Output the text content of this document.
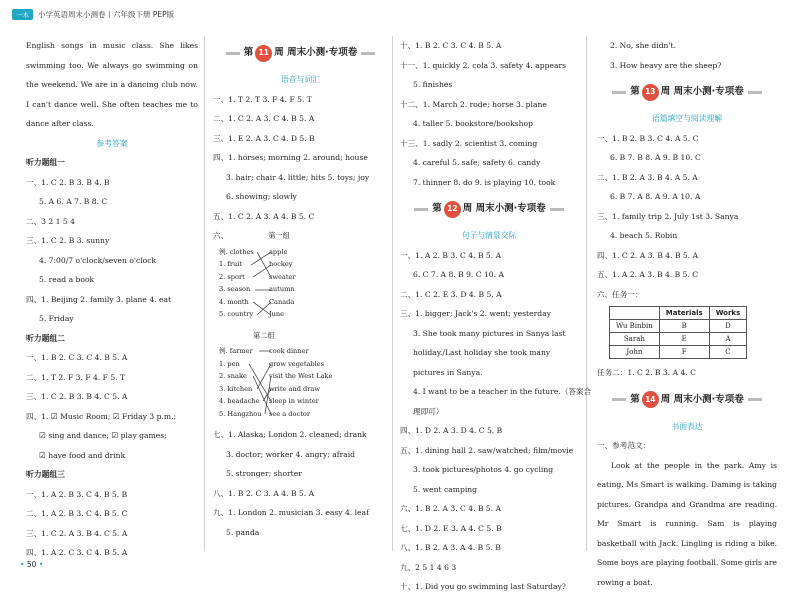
一本	小学英语周末小测卷丨六年级下册 PEP版
English songs in music class. She likes swimming too. We always go swimming on the weekend. We are in a dancing club now. I can't dance well. She often teaches me to dance after class.
参考答案
听力题组一
一、1. C 2. B 3. B 4. B
5. A 6. A 7. B 8. C
二、3 2 1 5 4
三、1. C 2. B 3. sunny
4. 7:00/7 o'clock/seven o'clock
5. read a book
四、1. Beijing 2. family 3. plane 4. eat
5. Friday
听力题组二
一、1. B 2. C 3. C 4. B 5. A
二、1. T 2. F 3. F 4. F 5. T
三、1. C 2. B 3. B 4. C 5. A
四、1. ☑ Music Room; ☑ Friday 3 p.m.;
☑ sing and dance; ☑ play games;
☑ have food and drink
听力题组三
一、1. A 2. B 3. C 4. B 5. B
二、1. A 2. B 3. C 4. B 5. C
三、1. C 2. A 3. B 4. C 5. A
四、1. A 2. C 3. C 4. B 5. A
第 11 周 周末小测·专项卷
语音与词汇
一、1. T 2. T 3. F 4. F 5. T
二、1. C 2. A 3. C 4. B 5. A
三、1. E 2. A 3. C 4. D 5. B
四、1. horses; morning 2. around; house
3. hair; chair 4. little; hits 5. toys; joy
6. showing; slowly
五、1. C 2. A 3. A 4. B 5. C
六、	第一组
例. clothes
1. fruit
2. sport
3. season
4. month
5. country
apple
hockey
sweater
autumn
Canada
June
第二组
例. farmer
1. pen
2. snake
3. kitchen
4. headache
5. Hangzhou
cook dinner
grow vegetables
visit the West Lake
write and draw
sleep in winter
see a doctor
七、1. Alaska; London 2. cleaned; drank
3. doctor; worker 4. angry; afraid
5. stronger; shorter
八、1. B 2. C 3. A 4. B 5. A
九、1. London 2. musician 3. easy 4. leaf
5. panda
十、1. B 2. C 3. C 4. B 5. A
十一、1. quickly 2. cola 3. safety 4. appears
5. finishes
十二、1. March 2. rode; horse 3. plane
4. taller 5. bookstore/bookshop
十三、1. sadly 2. scientist 3. coming
4. careful 5. safe; safety 6. candy
7. thinner 8. do 9. is playing 10. took
第 12 周 周末小测·专项卷
句子与情景交际
一、1. A 2. B 3. C 4. B 5. A
6. C 7. A 8. B 9. C 10. A
二、1. C 2. E 3. D 4. B 5. A
三、1. bigger; Jack's 2. went; yesterday
3. She took many pictures in Sanya last
holiday./Last holiday she took many
pictures in Sanya.
4. I want to be a teacher in the future.（答案合
理即可）
四、1. D 2. A 3. D 4. C 5. B
五、1. dining hall 2. saw/watched; film/movie
3. took pictures/photos 4. go cycling
5. went camping
六、1. B 2. A 3. C 4. B 5. A
七、1. D 2. E 3. A 4. C 5. B
八、1. B 2. A 3. A 4. B 5. B
九、2 5 1 4 6 3
十、1. Did you go swimming last Saturday?
2. No, she didn't.
3. How heavy are the sheep?
第 13 周 周末小测·专项卷
语篇填空与阅读理解
一、1. B 2. B 3. C 4. A 5. C
6. B 7. B 8. A 9. B 10. C
二、1. B 2. A 3. B 4. A 5. A
6. B 7. A 8. A 9. A 10. A
三、1. family trip 2. July 1st 3. Sanya
4. beach 5. Robin
四、1. C 2. A 3. B 4. B 5. A
五、1. A 2. A 3. B 4. B 5. C
六、任务一：
	Materials	Works
Wu Binbin	B	D
Sarah	E	A
John	F	C
任务二：1. C 2. B 3. A 4. C
第 14 周 周末小测·专项卷
书面表达
一、参考范文：
Look at the people in the park. Amy is eating. Ms Smart is walking. Daming is taking pictures. Grandpa and Grandma are reading. Mr Smart is running. Sam is playing basketball with Jack. Lingling is riding a bike. Some boys are playing football. Some girls are rowing a boat.
• 50 •
